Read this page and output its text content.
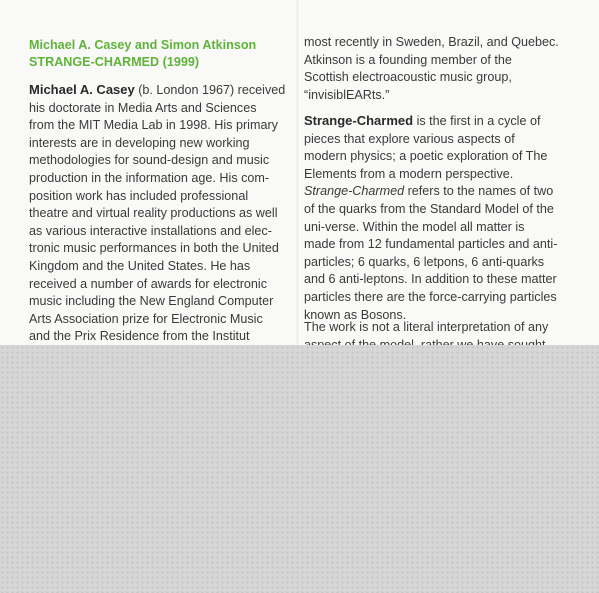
Michael A. Casey and Simon Atkinson
STRANGE-CHARMED (1999)

Michael A. Casey (b. London 1967) received

his doctorate in Media Arts and Sciences

from the MIT Media Lab in 1998. His primary

interests are in developing new working

methodologies for sound-design and music

production in the information age. His com-

position work has included professional

theatre and virtual reality productions as well

as various interactive installations and elec-

tronic music performances in both the United

Kingdom and the United States. He has

received a number of awards for electronic

music including the New England Computer

Arts Association prize for Electronic Music

and the Prix Residence from the Institut

most recently in Sweden, Brazil, and Quebec.

Atkinson is a founding member of the

Scottish electroacoustic music group,

“invisiblEARts.”

Strange-Charmed is the first in a cycle of

pieces that explore various aspects of

modern physics; a poetic exploration of The

Elements from a modern perspective.

Strange-Charmed refers to the names of two

of the quarks from the Standard Model of the

uni-verse. Within the model all matter is

made from 12 fundamental particles and anti-

particles; 6 quarks, 6 letpons, 6 anti-quarks

and 6 anti-leptons. In addition to these matter

particles there are the force-carrying particles

known as Bosons.

The work is not a literal interpretation of any
